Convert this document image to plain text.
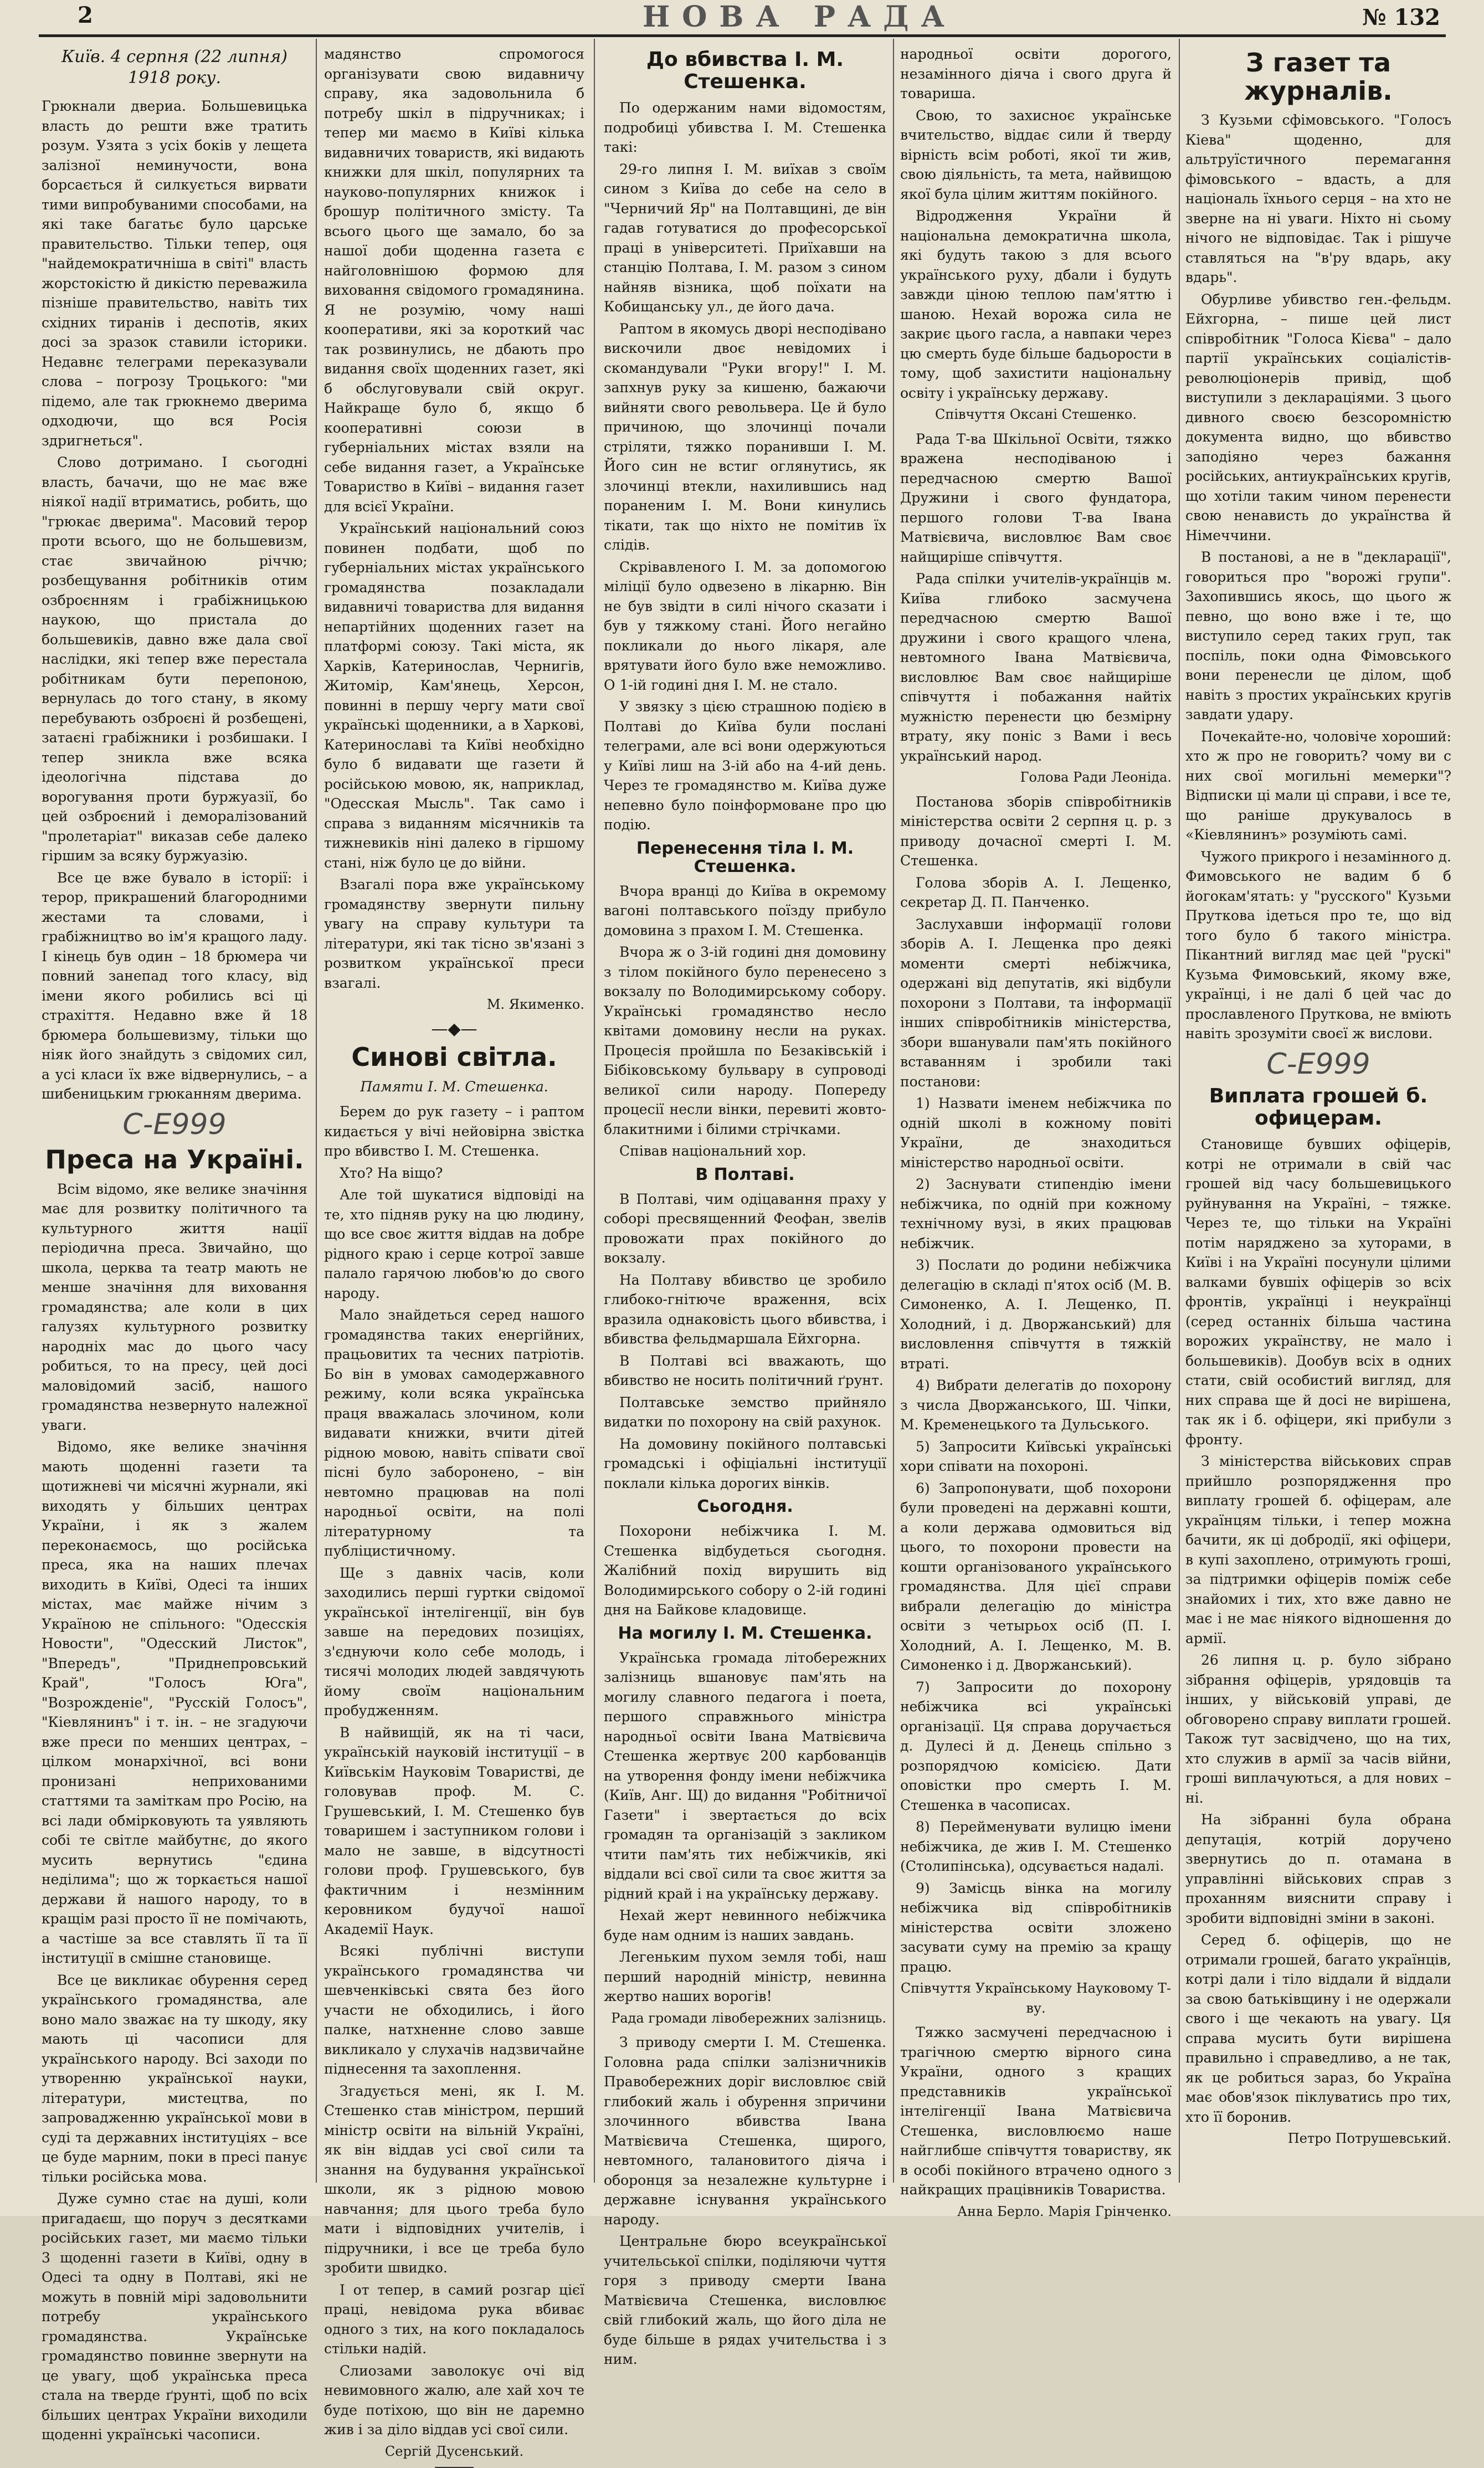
2	НОВА РАДА	№ 132
Київ. 4 серпня (22 липня) 1918 року.

Грюкнали двериа. Большевицька власть до решти вже тратить розум. Узята з усіх боків у лещета залізної неминучости, вона борсається й силкується вирвати тими випробуваними способами, на які таке багатьє було царське правительство. Тільки тепер, оця "найдемократичніша в світі" власть жорстокістю й дикістю переважила пізніше правительство, навіть тих східних тиранів і деспотів, яких досі за зразок ставили історики. Недавнє телеграми переказували слова – погрозу Троцького: "ми підемо, але так грюкнемо дверима одходючи, що вся Росія здригнеться".

Слово дотримано. І сьогодні власть, бачачи, що не має вже ніякої надії втриматись, робить, що "грюкає дверима". Масовий терор проти всього, що не большевизм, стає звичайною річчю; розбещування робітників отим озброєнням і грабіжницькою наукою, що пристала до большевиків, давно вже дала свої наслідки, які тепер вже перестала робітникам бути перепоною, вернулась до того стану, в якому перебувають озброєні й розбещені, затаєні грабіжники і розбишаки. І тепер зникла вже всяка ідеологічна підстава до ворогування проти буржуазії, бо цей озброєний і деморалізований "пролетаріат" виказав себе далеко гіршим за всяку буржуазію.

Все це вже бувало в історії: і терор, прикрашений благородними жестами та словами, і грабіжництво во ім'я кращого ладу. І кінець був один – 18 брюмера чи повний занепад того класу, від імени якого робились всі ці страхіття. Недавно вже й 18 брюмера большевизму, тільки що ніяк його знайдуть з свідомих сил, а усі класи їх вже відвернулись, – а шибеницьким грюканням дверима.

С-Е999
Преса на Україні.

Всім відомо, яке велике значіння має для розвитку політичного та культурного життя нації періодична преса. Звичайно, що школа, церква та театр мають не менше значіння для виховання громадянства; але коли в цих галузях культурного розвитку народніх мас до цього часу робиться, то на пресу, цей досі маловідомий засіб, нашого громадянства незвернуто належної уваги.

Відомо, яке велике значіння мають щоденні газети та щотижневі чи місячні журнали, які виходять у більших центрах України, і як з жалем переконаємось, що російська преса, яка на наших плечах виходить в Київі, Одесі та інших містах, має майже нічим з Україною не спільного: "Одесскія Новости", "Одесский Листок", "Впередъ", "Приднепровський Край", "Голосъ Юга", "Возрожденіе", "Русскій Голосъ", "Кіевлянинъ" і т. ін. – не згадуючи вже преси по менших центрах, – цілком монархічної, всі вони пронизані неприхованими статтями та заміткам про Росію, на всі лади обмірковують та уявляють собі те світле майбутнє, до якого мусить вернутись "єдина неділима"; що ж торкається нашої держави й нашого народу, то в кращім разі просто її не помічають, а частіше за все ставлять її та її інституції в смішне становище.

Все це викликає обурення серед українського громадянства, але воно мало зважає на ту шкоду, яку мають ці часописи для українського народу. Всі заходи по утворенню української науки, літератури, мистецтва, по запровадженню української мови в суді та державних інституціях – все це буде марним, поки в пресі панує тільки російська мова.

Дуже сумно стає на душі, коли пригадаєш, що поруч з десятками російських газет, ми маємо тільки 3 щоденні газети в Київі, одну в Одесі та одну в Полтаві, які не можуть в повній мірі задовольнити потребу українського громадянства. Українське громадянство повинне звернути на це увагу, щоб українська преса стала на тверде ґрунті, щоб по всіх більших центрах України виходили щоденні українські часописи.

мадянство спромогося організувати свою видавничу справу, яка задовольнила б потребу шкіл в підручниках; і тепер ми маємо в Київі кілька видавничих товариств, які видають книжки для шкіл, популярних та науково-популярних книжок і брошур політичного змісту. Та всього цього ще замало, бо за нашої доби щоденна газета є найголовнішою формою для виховання свідомого громадянина. Я не розумію, чому наші кооперативи, які за короткий час так розвинулись, не дбають про видання своїх щоденних газет, які б обслуговували свій округ. Найкраще було б, якщо б кооперативні союзи в губерніальних містах взяли на себе видання газет, а Українське Товариство в Київі – видання газет для всієї України.

Український національний союз повинен подбати, щоб по губерніальних містах українського громадянства позакладали видавничі товариства для видання непартійних щоденних газет на платформі союзу. Такі міста, як Харків, Катеринослав, Чернигів, Житомір, Кам'янець, Херсон, повинні в першу чергу мати свої українські щоденники, а в Харкові, Катеринославі та Київі необхідно було б видавати ще газети й російською мовою, як, наприклад, "Одесская Мысль". Так само і справа з виданням місячників та тижневиків ніні далеко в гіршому стані, ніж було це до війни.

Взагалі пора вже українському громадянству звернути пильну увагу на справу культури та літератури, які так тісно зв'язані з розвитком української преси взагалі.

М. Якименко.
—◆—
Синові світла.
Памяти І. М. Стешенка.

Берем до рук газету – і раптом кидається у вічі нейовірна звістка про вбивство І. М. Стешенка.

Хто? На віщо?

Але той шукатися відповіді на те, хто підняв руку на цю людину, що все своє життя віддав на добре рідного краю і серце котрої завше палало гарячою любов'ю до свого народу.

Мало знайдеться серед нашого громадянства таких енергійних, працьовитих та чесних патріотів. Бо він в умовах самодержавного режиму, коли всяка українська праця вважалась злочином, коли видавати книжки, вчити дітей рідною мовою, навіть співати свої пісні було заборонено, – він невтомно працював на полі народньої освіти, на полі літературному та публіцистичному.

Ще з давніх часів, коли заходились перші гуртки свідомої української інтелігенції, він був завше на передових позиціях, з'єднуючи коло себе молодь, і тисячі молодих людей завдячують йому своїм національним пробудженням.

В найвищій, як на ті часи, українській науковій інституції – в Київськім Науковім Товаристві, де головував проф. М. С. Грушевський, І. М. Стешенко був товаришем і заступником голови і мало не завше, в відсутності голови проф. Грушевського, був фактичним і незмінним керовником будучої нашої Академії Наук.

Всякі публічні виступи українського громадянства чи шевченківські свята без його участи не обходились, і його палке, натхненне слово завше викликало у слухачів надзвичайне піднесення та захоплення.

Згадується мені, як І. М. Стешенко став міністром, перший міністр освіти на вільній Україні, як він віддав усі свої сили та знання на будування української школи, як з рідною мовою навчання; для цього треба було мати і відповідних учителів, і підручники, і все це треба було зробити швидко.

І от тепер, в самий розгар цієї праці, невідома рука вбиває одного з тих, на кого покладалось стільки надій.

Слиозами заволокує очі від невимовного жалю, але хай хоч те буде потіхою, що він не даремно жив і за діло віддав усі свої сили.

Сергій Дусенський.
До вбивства І. М. Стешенка.

По одержаним нами відомостям, подробиці убивства І. М. Стешенка такі:

29-го липня І. М. виїхав з своїм сином з Київа до себе на село в "Черничий Яр" на Полтавщині, де він гадав готуватися до професорської праці в університеті. Приїхавши на станцію Полтава, І. М. разом з сином найняв візника, щоб поїхати на Кобищанську ул., де його дача.

Раптом в якомусь дворі несподівано вискочили двоє невідомих і скомандували "Руки вгору!" І. М. запхнув руку за кишеню, бажаючи вийняти свого револьвера. Це й було причиною, що злочинці почали стріляти, тяжко поранивши І. М. Його син не встиг оглянутись, як злочинці втекли, нахилившись над пораненим І. М. Вони кинулись тікати, так що ніхто не помітив їх слідів.

Скрівавленого І. М. за допомогою міліції було одвезено в лікарню. Він не був звідти в силі нічого сказати і був у тяжкому стані. Його негайно покликали до нього лікаря, але врятувати його було вже неможливо. О 1-ій годині дня І. М. не стало.

У звязку з цією страшною подією в Полтаві до Київа були послані телеграми, але всі вони одержуються у Київі лиш на 3-ій або на 4-ий день. Через те громадянство м. Київа дуже непевно було поінформоване про цю подію.

Перенесення тіла І. М. Стешенка.

Вчора вранці до Київа в окремому вагоні полтавського поїзду прибуло домовина з прахом І. М. Стешенка.

Вчора ж о 3-ій годині дня домовину з тілом покійного було перенесено з вокзалу по Володимирському собору. Українські громадянство несло квітами домовину несли на руках. Процесія пройшла по Безаківській і Бібіковському бульвару в супроводі великої сили народу. Попереду процесії несли вінки, перевиті жовто-блакитними і білими стрічками.

Співав національний хор.

В Полтаві.

В Полтаві, чим одіцавання праху у соборі пресвященний Феофан, звелів провожати прах покійного до вокзалу.

На Полтаву вбивство це зробило глибоко-гнітюче враження, всіх вразила однаковість цього вбивства, і вбивства фельдмаршала Ейхгорна.

В Полтаві всі вважають, що вбивство не носить політичний ґрунт.

Полтавське земство прийняло видатки по похорону на свій рахунок.

На домовину покійного полтавські громадські і офіціальні інституції поклали кілька дорогих вінків.

Сьогодня.

Похорони небіжчика І. М. Стешенка відбудеться сьогодня. Жалібний похід вирушить від Володимирського собору о 2-ій годині дня на Байкове кладовище.

На могилу І. М. Стешенка.

Українська громада літобережних залізниць вшановує пам'ять на могилу славного педагога і поета, першого справжнього міністра народньої освіти Івана Матвієвича Стешенка жертвує 200 карбованців на утворення фонду імени небіжчика (Київ, Анг. Щ) до видання "Робітничої Газети" і звертається до всіх громадян та організацій з закликом чтити пам'ять тих небіжчиків, які віддали всі свої сили та своє життя за рідний край і на українську державу.

Нехай жерт невинного небіжчика буде нам одним із наших завдань.

Легеньким пухом земля тобі, наш перший народній міністр, невинна жертво наших ворогів!

Рада громади лівобережних залізниць.

З приводу смерти І. М. Стешенка. Головна рада спілки залізничників Правобережних доріг висловлює свій глибокий жаль і обурення зпричини злочинного вбивства Івана Матвієвича Стешенка, щирого, невтомного, талановитого діяча і оборонця за незалежне культурне і державне існування українського народу.

Центральне бюро всеукраїнської учительської спілки, поділяючи чуття горя з приводу смерти Івана Матвієвича Стешенка, висловлює свій глибокий жаль, що його діла не буде більше в рядах учительства і з ним.

народньої освіти дорогого, незамінного діяча і свого друга й товариша.

Свою, то захисноє українське вчительство, віддає сили й тверду вірність всім роботі, якої ти жив, свою діяльність, та мета, найвищою якої була цілим життям покійного.

Відродження України й національна демократична школа, які будуть такою з для всього українського руху, дбали і будуть завжди ціною теплою пам'яттю і шаною. Нехай ворожа сила не закриє цього гасла, а навпаки через цю смерть буде більше бадьорости в тому, щоб захистити національну освіту і українську державу.

Співчуття Оксані Стешенко.

Рада Т-ва Шкільної Освіти, тяжко вражена несподіваною і передчасною смертю Вашої Дружини і свого фундатора, першого голови Т-ва Івана Матвієвича, висловлює Вам своє найщиріше співчуття.

Рада спілки учителів-українців м. Київа глибоко засмучена передчасною смертю Вашої дружини і свого кращого члена, невтомного Івана Матвієвича, висловлює Вам своє найщиріше співчуття і побажання найтіх мужністю перенести цю безмірну втрату, яку поніс з Вами і весь український народ.

Голова Ради Леоніда.

Постанова зборів співробітників міністерства освіти 2 серпня ц. р. з приводу дочасної смерті І. М. Стешенка.

Голова зборів А. І. Лещенко, секретар Д. П. Панченко.

Заслухавши інформації голови зборів А. І. Лещенка про деякі моменти смерті небіжчика, одержані від депутатів, які відбули похорони з Полтави, та інформації інших співробітників міністерства, збори вшанували пам'ять покійного вставанням і зробили такі постанови:

1) Назвати іменем небіжчика по одній школі в кожному повіті України, де знаходиться міністерство народньої освіти.

2) Заснувати стипендію імени небіжчика, по одній при кожному технічному вузі, в яких працював небіжчик.

3) Послати до родини небіжчика делегацію в складі п'ятох осіб (М. В. Симоненко, А. І. Лещенко, П. Холодний, і д. Дворжанський) для висловлення співчуття в тяжкій втраті.

4) Вибрати делегатів до похорону з числа Дворжанського, Ш. Чіпки, М. Кременецького та Дульського.

5) Запросити Київські українські хори співати на похороні.

6) Запропонувати, щоб похорони були проведені на державні кошти, а коли держава одмовиться від цього, то похорони провести на кошти організованого українського громадянства. Для цієї справи вибрали делегацію до міністра освіти з четырьох осіб (П. І. Холодний, А. І. Лещенко, М. В. Симоненко і д. Дворжанський).

7) Запросити до похорону небіжчика всі українські організації. Ця справа доручається д. Дулесі й д. Денець спільно з розпорядчою комісією. Дати оповістки про смерть І. М. Стешенка в часописах.

8) Перейменувати вулицю імени небіжчика, де жив І. М. Стешенко (Столипінська), одсувається надалі.

9) Замісць вінка на могилу небіжчика від співробітників міністерства освіти зложено засувати суму на премію за кращу працю.

Співчуття Українському Науковому Т-ву.

Тяжко засмучені передчасною і трагічною смертю вірного сина України, одного з кращих представників української інтелігенції Івана Матвієвича Стешенка, висловлюємо наше найглибше співчуття товариству, як в особі покійного втрачено одного з найкращих працівників Товариства.

Анна Берло. Марія Грінченко.
З газет та журналів.

З Кузьми сфімовського. "Голосъ Кіева" щоденно, для альтруїстичного перемагання фімовського – вдасть, а для національ їхнього серця – на хто не зверне на ні уваги. Ніхто ні сьому нічого не відповідає. Так і рішуче ставляться на "в'ру вдарь, аку вдарь".

Обурливе убивство ген.-фельдм. Ейхгорна, – пише цей лист співробітник "Голоса Кієва" – дало партії українських соціалістів-революціонерів привід, щоб виступили з деклараціями. З цього дивного своєю безсоромністю документа видно, що вбивство заподіяно через бажання російських, антиукраїнських кругів, що хотіли таким чином перенести свою ненависть до українства й Німеччини.

В постанові, а не в "декларації", говориться про "ворожі групи". Захопившись якось, що цього ж певно, що воно вже і те, що виступило серед таких груп, так поспіль, поки одна Фімовського вони перенесли це ділом, щоб навіть з простих українських кругів завдати удару.

Почекайте-но, чоловіче хороший: хто ж про не говорить? чому ви с них свої могильні мемерки"? Відписки ці мали ці справи, і все те, що раніше друкувалось в «Кіевлянинъ» розуміють самі.

Чужого прикрого і незамінного д. Фимовського не вадим б б йогокам'ятать: у "русского" Кузьми Пруткова ідеться про те, що від того було б такого міністра. Пікантний вигляд має цей "рускі" Кузьма Фимовський, якому вже, українці, і не далі б цей час до прославленого Пруткова, не вміють навіть зрозуміти своєї ж вислови.

С-Е999
Виплата грошей б. офицерам.

Становище бувших офіцерів, котрі не отримали в свій час грошей від часу большевицького руйнування на Україні, – тяжке. Через те, що тільки на Україні потім наряджено за хуторами, в Київі і на Україні посунули цілими валками бувшіх офіцерів зо всіх фронтів, українці і неукраїнці (серед останніх більша частина ворожих українству, не мало і большевиків). Дообув всіх в одних стати, свій особистий вигляд, для них справа ще й досі не вирішена, так як і б. офіцери, які прибули з фронту.

З міністерства військових справ прийшло розпорядження про виплату грошей б. офіцерам, але українцям тільки, і тепер можна бачити, як ці добродії, які офіцери, в купі захоплено, отримують гроші, за підтримки офіцерів поміж себе знайомих і тих, хто вже давно не має і не має ніякого відношення до армії.

26 липня ц. р. було зібрано зібрання офіцерів, урядовців та інших, у військовій управі, де обговорено справу виплати грошей. Також тут засвідчено, що на тих, хто служив в армії за часів війни, гроші виплачуються, а для нових – ні.

На зібранні була обрана депутація, котрій доручено звернутись до п. отамана в управлінні військових справ з проханням вияснити справу і зробити відповідні зміни в законі.

Серед б. офіцерів, що не отримали грошей, багато українців, котрі дали і тіло віддали й віддали за свою батьківщину і не одержали свого і ще чекають на увагу. Ця справа мусить бути вирішена правильно і справедливо, а не так, як це робиться зараз, бо Україна має обов'язок піклуватись про тих, хто її боронив.

Петро Потрушевський.
